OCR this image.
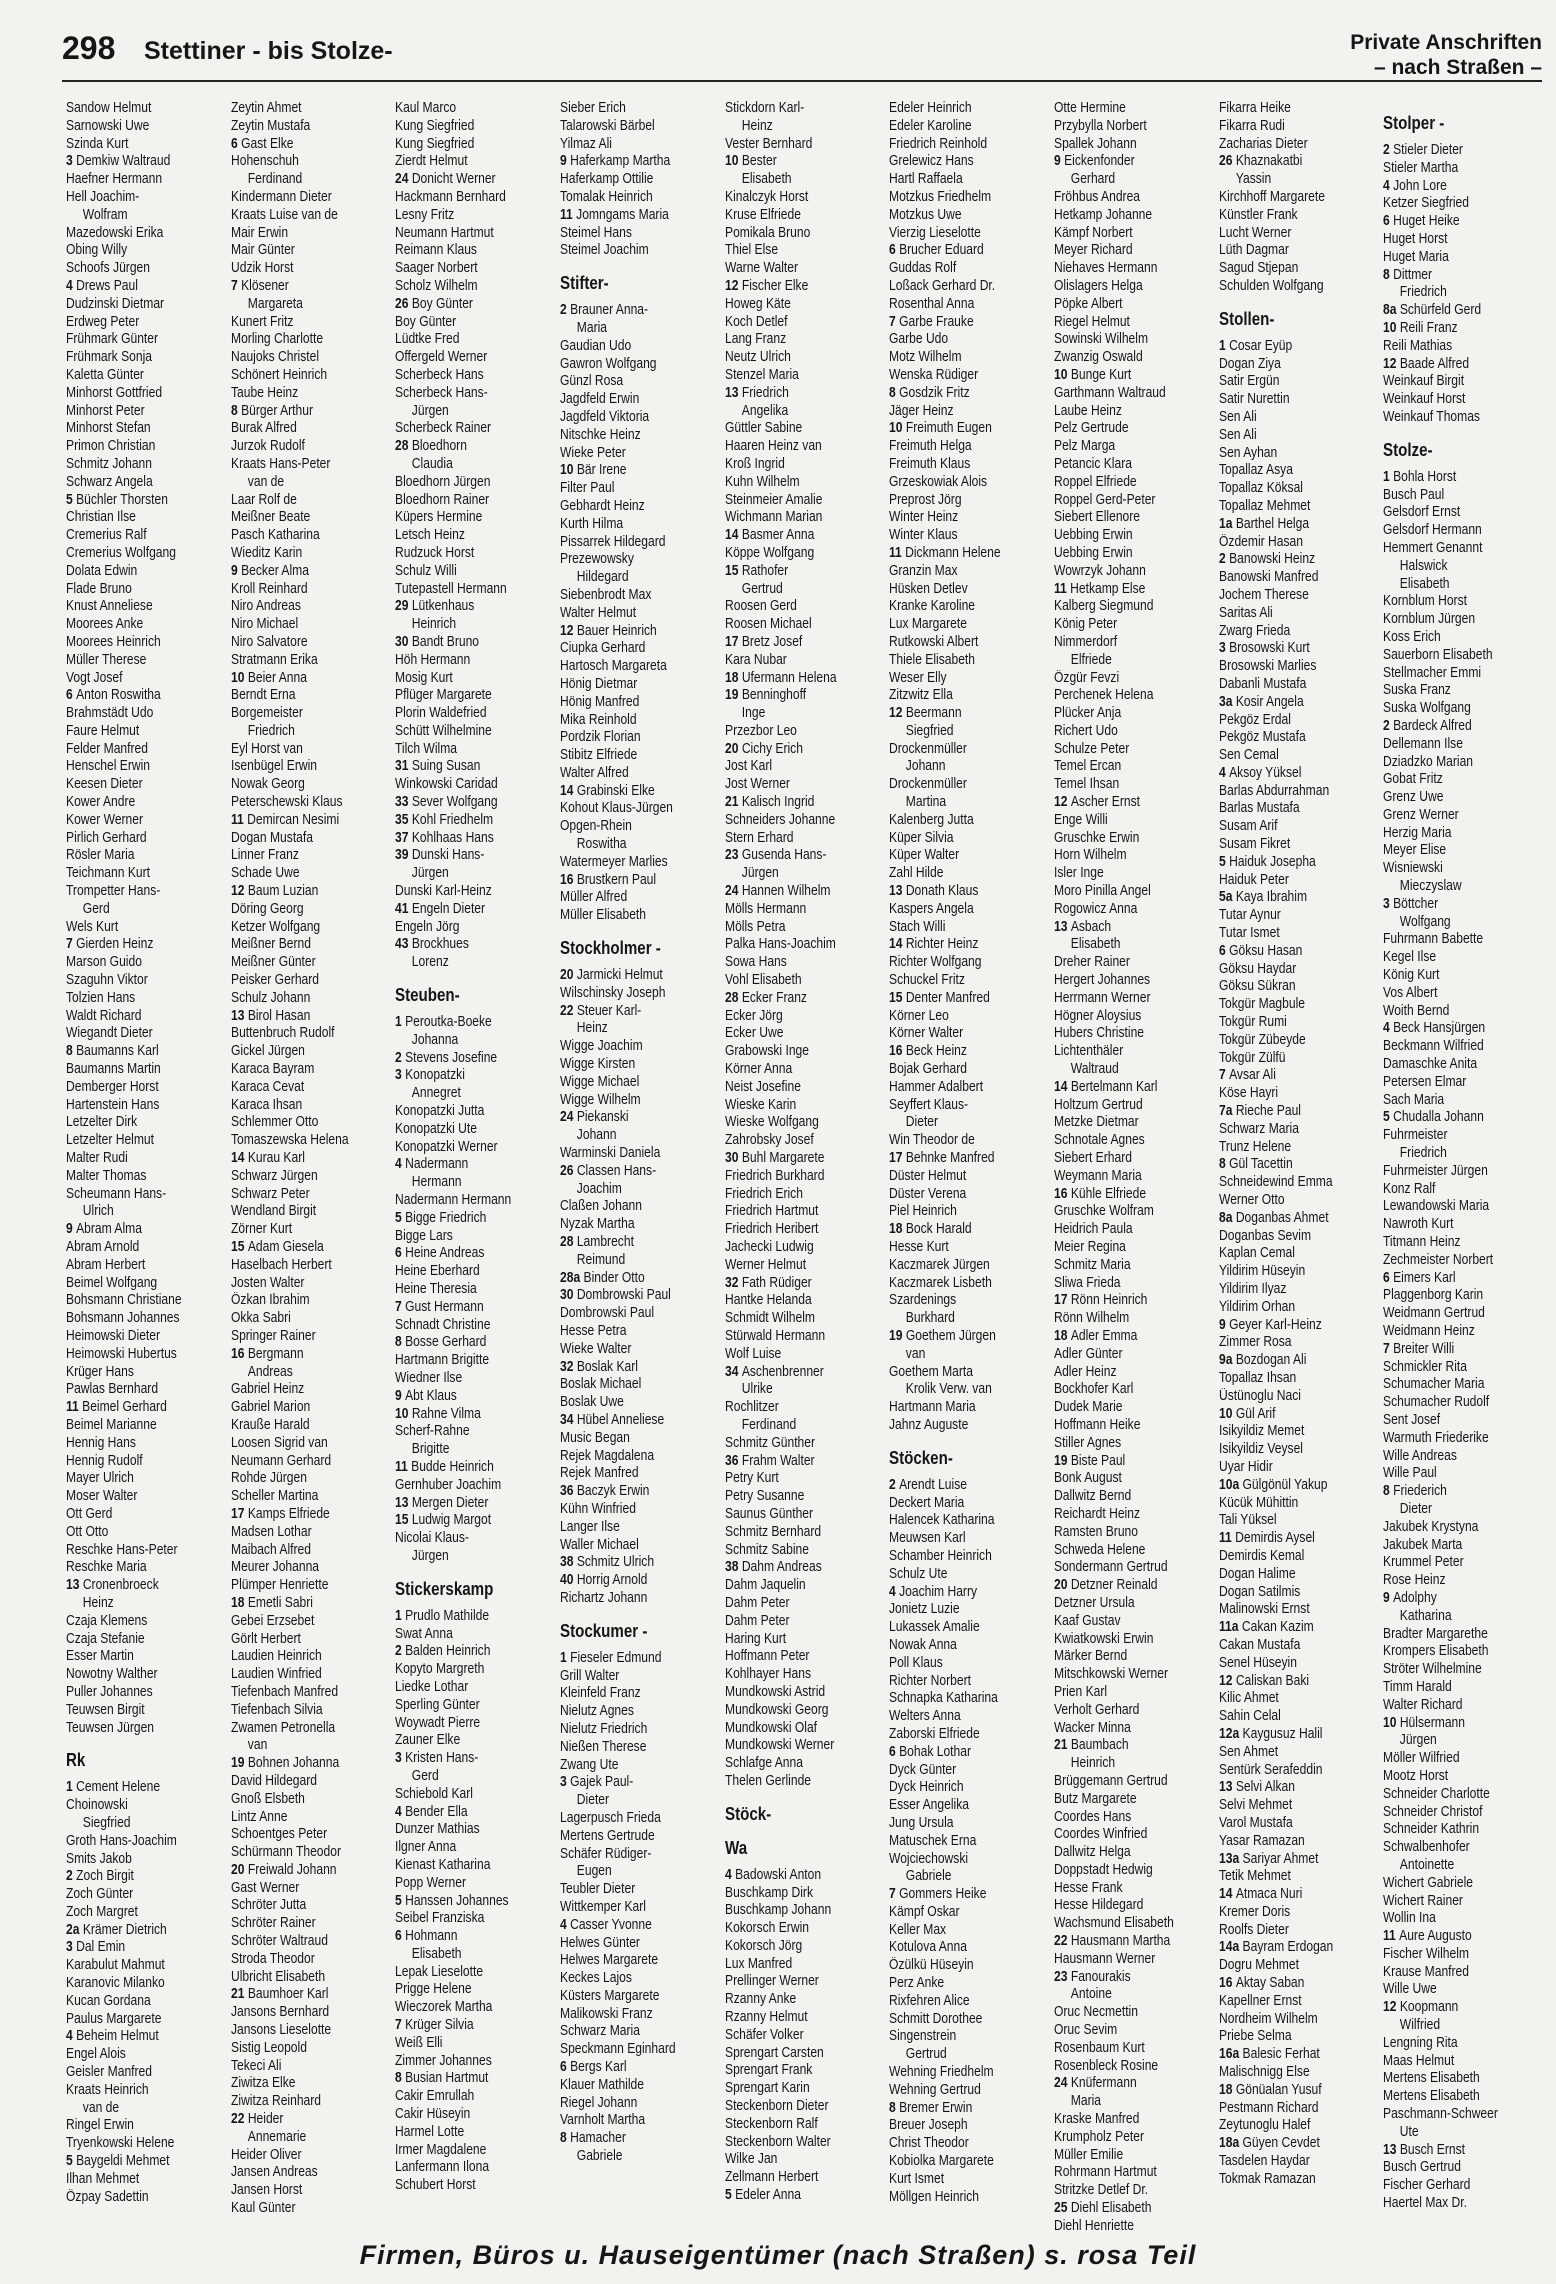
298 Stettiner - bis Stolze-	Private Anschriften
– nach Straßen –
Sandow Helmut
Sarnowski Uwe
Szinda Kurt
3 Demkiw Waltraud
Haefner Hermann
Hell Joachim-
Wolfram
Mazedowski Erika
Obing Willy
Schoofs Jürgen
4 Drews Paul
Dudzinski Dietmar
Erdweg Peter
Frühmark Günter
Frühmark Sonja
Kaletta Günter
Minhorst Gottfried
Minhorst Peter
Minhorst Stefan
Primon Christian
Schmitz Johann
Schwarz Angela
5 Büchler Thorsten
Christian Ilse
Cremerius Ralf
Cremerius Wolfgang
Dolata Edwin
Flade Bruno
Knust Anneliese
Moorees Anke
Moorees Heinrich
Müller Therese
Vogt Josef
6 Anton Roswitha
Brahmstädt Udo
Faure Helmut
Felder Manfred
Henschel Erwin
Keesen Dieter
Kower Andre
Kower Werner
Pirlich Gerhard
Rösler Maria
Teichmann Kurt
Trompetter Hans-
Gerd
Wels Kurt
7 Gierden Heinz
Marson Guido
Szaguhn Viktor
Tolzien Hans
Waldt Richard
Wiegandt Dieter
8 Baumanns Karl
Baumanns Martin
Demberger Horst
Hartenstein Hans
Letzelter Dirk
Letzelter Helmut
Malter Rudi
Malter Thomas
Scheumann Hans-
Ulrich
9 Abram Alma
Abram Arnold
Abram Herbert
Beimel Wolfgang
Bohsmann Christiane
Bohsmann Johannes
Heimowski Dieter
Heimowski Hubertus
Krüger Hans
Pawlas Bernhard
11 Beimel Gerhard
Beimel Marianne
Hennig Hans
Hennig Rudolf
Mayer Ulrich
Moser Walter
Ott Gerd
Ott Otto
Reschke Hans-Peter
Reschke Maria
13 Cronenbroeck
Heinz
Czaja Klemens
Czaja Stefanie
Esser Martin
Nowotny Walther
Puller Johannes
Teuwsen Birgit
Teuwsen Jürgen
Rk
1 Cement Helene
Choinowski
Siegfried
Groth Hans-Joachim
Smits Jakob
2 Zoch Birgit
Zoch Günter
Zoch Margret
2a Krämer Dietrich
3 Dal Emin
Karabulut Mahmut
Karanovic Milanko
Kucan Gordana
Paulus Margarete
4 Beheim Helmut
Engel Alois
Geisler Manfred
Kraats Heinrich
van de
Ringel Erwin
Tryenkowski Helene
5 Baygeldi Mehmet
Ilhan Mehmet
Özpay Sadettin
Zeytin Ahmet
Zeytin Mustafa
6 Gast Elke
Hohenschuh
Ferdinand
Kindermann Dieter
Kraats Luise van de
Mair Erwin
Mair Günter
Udzik Horst
7 Klösener
Margareta
Kunert Fritz
Morling Charlotte
Naujoks Christel
Schönert Heinrich
Taube Heinz
8 Bürger Arthur
Burak Alfred
Jurzok Rudolf
Kraats Hans-Peter
van de
Laar Rolf de
Meißner Beate
Pasch Katharina
Wieditz Karin
9 Becker Alma
Kroll Reinhard
Niro Andreas
Niro Michael
Niro Salvatore
Stratmann Erika
10 Beier Anna
Berndt Erna
Borgemeister
Friedrich
Eyl Horst van
Isenbügel Erwin
Nowak Georg
Peterschewski Klaus
11 Demircan Nesimi
Dogan Mustafa
Linner Franz
Schade Uwe
12 Baum Luzian
Döring Georg
Ketzer Wolfgang
Meißner Bernd
Meißner Günter
Peisker Gerhard
Schulz Johann
13 Birol Hasan
Buttenbruch Rudolf
Gickel Jürgen
Karaca Bayram
Karaca Cevat
Karaca Ihsan
Schlemmer Otto
Tomaszewska Helena
14 Kurau Karl
Schwarz Jürgen
Schwarz Peter
Wendland Birgit
Zörner Kurt
15 Adam Giesela
Haselbach Herbert
Josten Walter
Özkan Ibrahim
Okka Sabri
Springer Rainer
16 Bergmann
Andreas
Gabriel Heinz
Gabriel Marion
Krauße Harald
Loosen Sigrid van
Neumann Gerhard
Rohde Jürgen
Scheller Martina
17 Kamps Elfriede
Madsen Lothar
Maibach Alfred
Meurer Johanna
Plümper Henriette
18 Emetli Sabri
Gebei Erzsebet
Görlt Herbert
Laudien Heinrich
Laudien Winfried
Tiefenbach Manfred
Tiefenbach Silvia
Zwamen Petronella
van
19 Bohnen Johanna
David Hildegard
Gnoß Elsbeth
Lintz Anne
Schoentges Peter
Schürmann Theodor
20 Freiwald Johann
Gast Werner
Schröter Jutta
Schröter Rainer
Schröter Waltraud
Stroda Theodor
Ulbricht Elisabeth
21 Baumhoer Karl
Jansons Bernhard
Jansons Lieselotte
Sistig Leopold
Tekeci Ali
Ziwitza Elke
Ziwitza Reinhard
22 Heider
Annemarie
Heider Oliver
Jansen Andreas
Jansen Horst
Kaul Günter
Kaul Marco
Kung Siegfried
Kung Siegfried
Zierdt Helmut
24 Donicht Werner
Hackmann Bernhard
Lesny Fritz
Neumann Hartmut
Reimann Klaus
Saager Norbert
Scholz Wilhelm
26 Boy Günter
Boy Günter
Lüdtke Fred
Offergeld Werner
Scherbeck Hans
Scherbeck Hans-
Jürgen
Scherbeck Rainer
28 Bloedhorn
Claudia
Bloedhorn Jürgen
Bloedhorn Rainer
Küpers Hermine
Letsch Heinz
Rudzuck Horst
Schulz Willi
Tutepastell Hermann
29 Lütkenhaus
Heinrich
30 Bandt Bruno
Höh Hermann
Mosig Kurt
Pflüger Margarete
Plorin Waldefried
Schütt Wilhelmine
Tilch Wilma
31 Suing Susan
Winkowski Caridad
33 Sever Wolfgang
35 Kohl Friedhelm
37 Kohlhaas Hans
39 Dunski Hans-
Jürgen
Dunski Karl-Heinz
41 Engeln Dieter
Engeln Jörg
43 Brockhues
Lorenz
Steuben-
1 Peroutka-Boeke
Johanna
2 Stevens Josefine
3 Konopatzki
Annegret
Konopatzki Jutta
Konopatzki Ute
Konopatzki Werner
4 Nadermann
Hermann
Nadermann Hermann
5 Bigge Friedrich
Bigge Lars
6 Heine Andreas
Heine Eberhard
Heine Theresia
7 Gust Hermann
Schnadt Christine
8 Bosse Gerhard
Hartmann Brigitte
Wiedner Ilse
9 Abt Klaus
10 Rahne Vilma
Scherf-Rahne
Brigitte
11 Budde Heinrich
Gernhuber Joachim
13 Mergen Dieter
15 Ludwig Margot
Nicolai Klaus-
Jürgen
Stickerskamp
1 Prudlo Mathilde
Swat Anna
2 Balden Heinrich
Kopyto Margreth
Liedke Lothar
Sperling Günter
Woywadt Pierre
Zauner Elke
3 Kristen Hans-
Gerd
Schiebold Karl
4 Bender Ella
Dunzer Mathias
Ilgner Anna
Kienast Katharina
Popp Werner
5 Hanssen Johannes
Seibel Franziska
6 Hohmann
Elisabeth
Lepak Lieselotte
Prigge Helene
Wieczorek Martha
7 Krüger Silvia
Weiß Elli
Zimmer Johannes
8 Busian Hartmut
Cakir Emrullah
Cakir Hüseyin
Harmel Lotte
Irmer Magdalene
Lanfermann Ilona
Schubert Horst
Sieber Erich
Talarowski Bärbel
Yilmaz Ali
9 Haferkamp Martha
Haferkamp Ottilie
Tomalak Heinrich
11 Jomngams Maria
Steimel Hans
Steimel Joachim
Stifter-
2 Brauner Anna-
Maria
Gaudian Udo
Gawron Wolfgang
Günzl Rosa
Jagdfeld Erwin
Jagdfeld Viktoria
Nitschke Heinz
Wieke Peter
10 Bär Irene
Filter Paul
Gebhardt Heinz
Kurth Hilma
Pissarrek Hildegard
Prezewowsky
Hildegard
Siebenbrodt Max
Walter Helmut
12 Bauer Heinrich
Ciupka Gerhard
Hartosch Margareta
Hönig Dietmar
Hönig Manfred
Mika Reinhold
Pordzik Florian
Stibitz Elfriede
Walter Alfred
14 Grabinski Elke
Kohout Klaus-Jürgen
Opgen-Rhein
Roswitha
Watermeyer Marlies
16 Brustkern Paul
Müller Alfred
Müller Elisabeth
Stockholmer -
20 Jarmicki Helmut
Wilschinsky Joseph
22 Steuer Karl-
Heinz
Wigge Joachim
Wigge Kirsten
Wigge Michael
Wigge Wilhelm
24 Piekanski
Johann
Warminski Daniela
26 Classen Hans-
Joachim
Claßen Johann
Nyzak Martha
28 Lambrecht
Reimund
28a Binder Otto
30 Dombrowski Paul
Dombrowski Paul
Hesse Petra
Wieke Walter
32 Boslak Karl
Boslak Michael
Boslak Uwe
34 Hübel Anneliese
Music Began
Rejek Magdalena
Rejek Manfred
36 Baczyk Erwin
Kühn Winfried
Langer Ilse
Waller Michael
38 Schmitz Ulrich
40 Horrig Arnold
Richartz Johann
Stockumer -
1 Fieseler Edmund
Grill Walter
Kleinfeld Franz
Nielutz Agnes
Nielutz Friedrich
Nießen Therese
Zwang Ute
3 Gajek Paul-
Dieter
Lagerpusch Frieda
Mertens Gertrude
Schäfer Rüdiger-
Eugen
Teubler Dieter
Wittkemper Karl
4 Casser Yvonne
Helwes Günter
Helwes Margarete
Keckes Lajos
Küsters Margarete
Malikowski Franz
Schwarz Maria
Speckmann Eginhard
6 Bergs Karl
Klauer Mathilde
Riegel Johann
Varnholt Martha
8 Hamacher
Gabriele
Stickdorn Karl-
Heinz
Vester Bernhard
10 Bester
Elisabeth
Kinalczyk Horst
Kruse Elfriede
Pomikala Bruno
Thiel Else
Warne Walter
12 Fischer Elke
Howeg Käte
Koch Detlef
Lang Franz
Neutz Ulrich
Stenzel Maria
13 Friedrich
Angelika
Güttler Sabine
Haaren Heinz van
Kroß Ingrid
Kuhn Wilhelm
Steinmeier Amalie
Wichmann Marian
14 Basmer Anna
Köppe Wolfgang
15 Rathofer
Gertrud
Roosen Gerd
Roosen Michael
17 Bretz Josef
Kara Nubar
18 Ufermann Helena
19 Benninghoff
Inge
Przezbor Leo
20 Cichy Erich
Jost Karl
Jost Werner
21 Kalisch Ingrid
Schneiders Johanne
Stern Erhard
23 Gusenda Hans-
Jürgen
24 Hannen Wilhelm
Mölls Hermann
Mölls Petra
Palka Hans-Joachim
Sowa Hans
Vohl Elisabeth
28 Ecker Franz
Ecker Jörg
Ecker Uwe
Grabowski Inge
Körner Anna
Neist Josefine
Wieske Karin
Wieske Wolfgang
Zahrobsky Josef
30 Buhl Margarete
Friedrich Burkhard
Friedrich Erich
Friedrich Hartmut
Friedrich Heribert
Jachecki Ludwig
Werner Helmut
32 Fath Rüdiger
Hantke Helanda
Schmidt Wilhelm
Stürwald Hermann
Wolf Luise
34 Aschenbrenner
Ulrike
Rochlitzer
Ferdinand
Schmitz Günther
36 Frahm Walter
Petry Kurt
Petry Susanne
Saunus Günther
Schmitz Bernhard
Schmitz Sabine
38 Dahm Andreas
Dahm Jaquelin
Dahm Peter
Dahm Peter
Haring Kurt
Hoffmann Peter
Kohlhayer Hans
Mundkowski Astrid
Mundkowski Georg
Mundkowski Olaf
Mundkowski Werner
Schlafge Anna
Thelen Gerlinde
Stöck-
Wa
4 Badowski Anton
Buschkamp Dirk
Buschkamp Johann
Kokorsch Erwin
Kokorsch Jörg
Lux Manfred
Prellinger Werner
Rzanny Anke
Rzanny Helmut
Schäfer Volker
Sprengart Carsten
Sprengart Frank
Sprengart Karin
Steckenborn Dieter
Steckenborn Ralf
Steckenborn Walter
Wilke Jan
Zellmann Herbert
5 Edeler Anna
Edeler Heinrich
Edeler Karoline
Friedrich Reinhold
Grelewicz Hans
Hartl Raffaela
Motzkus Friedhelm
Motzkus Uwe
Vierzig Lieselotte
6 Brucher Eduard
Guddas Rolf
Loßack Gerhard Dr.
Rosenthal Anna
7 Garbe Frauke
Garbe Udo
Motz Wilhelm
Wenska Rüdiger
8 Gosdzik Fritz
Jäger Heinz
10 Freimuth Eugen
Freimuth Helga
Freimuth Klaus
Grzeskowiak Alois
Preprost Jörg
Winter Heinz
Winter Klaus
11 Dickmann Helene
Granzin Max
Hüsken Detlev
Kranke Karoline
Lux Margarete
Rutkowski Albert
Thiele Elisabeth
Weser Elly
Zitzwitz Ella
12 Beermann
Siegfried
Drockenmüller
Johann
Drockenmüller
Martina
Kalenberg Jutta
Küper Silvia
Küper Walter
Zahl Hilde
13 Donath Klaus
Kaspers Angela
Stach Willi
14 Richter Heinz
Richter Wolfgang
Schuckel Fritz
15 Denter Manfred
Körner Leo
Körner Walter
16 Beck Heinz
Bojak Gerhard
Hammer Adalbert
Seyffert Klaus-
Dieter
Win Theodor de
17 Behnke Manfred
Düster Helmut
Düster Verena
Piel Heinrich
18 Bock Harald
Hesse Kurt
Kaczmarek Jürgen
Kaczmarek Lisbeth
Szardenings
Burkhard
19 Goethem Jürgen
van
Goethem Marta
Krolik Verw. van
Hartmann Maria
Jahnz Auguste
Stöcken-
2 Arendt Luise
Deckert Maria
Halencek Katharina
Meuwsen Karl
Schamber Heinrich
Schulz Ute
4 Joachim Harry
Jonietz Luzie
Lukassek Amalie
Nowak Anna
Poll Klaus
Richter Norbert
Schnapka Katharina
Welters Anna
Zaborski Elfriede
6 Bohak Lothar
Dyck Günter
Dyck Heinrich
Esser Angelika
Jung Ursula
Matuschek Erna
Wojciechowski
Gabriele
7 Gommers Heike
Kämpf Oskar
Keller Max
Kotulova Anna
Özülkü Hüseyin
Perz Anke
Rixfehren Alice
Schmitt Dorothee
Singenstrein
Gertrud
Wehning Friedhelm
Wehning Gertrud
8 Bremer Erwin
Breuer Joseph
Christ Theodor
Kobiolka Margarete
Kurt Ismet
Möllgen Heinrich
Otte Hermine
Przybylla Norbert
Spallek Johann
9 Eickenfonder
Gerhard
Fröhbus Andrea
Hetkamp Johanne
Kämpf Norbert
Meyer Richard
Niehaves Hermann
Olislagers Helga
Pöpke Albert
Riegel Helmut
Sowinski Wilhelm
Zwanzig Oswald
10 Bunge Kurt
Garthmann Waltraud
Laube Heinz
Pelz Gertrude
Pelz Marga
Petancic Klara
Roppel Elfriede
Roppel Gerd-Peter
Siebert Ellenore
Uebbing Erwin
Uebbing Erwin
Wowrzyk Johann
11 Hetkamp Else
Kalberg Siegmund
König Peter
Nimmerdorf
Elfriede
Özgür Fevzi
Perchenek Helena
Plücker Anja
Richert Udo
Schulze Peter
Temel Ercan
Temel Ihsan
12 Ascher Ernst
Enge Willi
Gruschke Erwin
Horn Wilhelm
Isler Inge
Moro Pinilla Angel
Rogowicz Anna
13 Asbach
Elisabeth
Dreher Rainer
Hergert Johannes
Herrmann Werner
Högner Aloysius
Hubers Christine
Lichtenthäler
Waltraud
14 Bertelmann Karl
Holtzum Gertrud
Metzke Dietmar
Schnotale Agnes
Siebert Erhard
Weymann Maria
16 Kühle Elfriede
Gruschke Wolfram
Heidrich Paula
Meier Regina
Schmitz Maria
Sliwa Frieda
17 Rönn Heinrich
Rönn Wilhelm
18 Adler Emma
Adler Günter
Adler Heinz
Bockhofer Karl
Dudek Marie
Hoffmann Heike
Stiller Agnes
19 Biste Paul
Bonk August
Dallwitz Bernd
Reichardt Heinz
Ramsten Bruno
Schweda Helene
Sondermann Gertrud
20 Detzner Reinald
Detzner Ursula
Kaaf Gustav
Kwiatkowski Erwin
Märker Bernd
Mitschkowski Werner
Prien Karl
Verholt Gerhard
Wacker Minna
21 Baumbach
Heinrich
Brüggemann Gertrud
Butz Margarete
Coordes Hans
Coordes Winfried
Dallwitz Helga
Doppstadt Hedwig
Hesse Frank
Hesse Hildegard
Wachsmund Elisabeth
22 Hausmann Martha
Hausmann Werner
23 Fanourakis
Antoine
Oruc Necmettin
Oruc Sevim
Rosenbaum Kurt
Rosenbleck Rosine
24 Knüfermann
Maria
Kraske Manfred
Krumpholz Peter
Müller Emilie
Rohrmann Hartmut
Stritzke Detlef Dr.
25 Diehl Elisabeth
Diehl Henriette
Fikarra Heike
Fikarra Rudi
Zacharias Dieter
26 Khaznakatbi
Yassin
Kirchhoff Margarete
Künstler Frank
Lucht Werner
Lüth Dagmar
Sagud Stjepan
Schulden Wolfgang
Stollen-
1 Cosar Eyüp
Dogan Ziya
Satir Ergün
Satir Nurettin
Sen Ali
Sen Ali
Sen Ayhan
Topallaz Asya
Topallaz Köksal
Topallaz Mehmet
1a Barthel Helga
Özdemir Hasan
2 Banowski Heinz
Banowski Manfred
Jochem Therese
Saritas Ali
Zwarg Frieda
3 Brosowski Kurt
Brosowski Marlies
Dabanli Mustafa
3a Kosir Angela
Pekgöz Erdal
Pekgöz Mustafa
Sen Cemal
4 Aksoy Yüksel
Barlas Abdurrahman
Barlas Mustafa
Susam Arif
Susam Fikret
5 Haiduk Josepha
Haiduk Peter
5a Kaya Ibrahim
Tutar Aynur
Tutar Ismet
6 Göksu Hasan
Göksu Haydar
Göksu Sükran
Tokgür Magbule
Tokgür Rumi
Tokgür Zübeyde
Tokgür Zülfü
7 Avsar Ali
Köse Hayri
7a Rieche Paul
Schwarz Maria
Trunz Helene
8 Gül Tacettin
Schneidewind Emma
Werner Otto
8a Doganbas Ahmet
Doganbas Sevim
Kaplan Cemal
Yildirim Hüseyin
Yildirim Ilyaz
Yildirim Orhan
9 Geyer Karl-Heinz
Zimmer Rosa
9a Bozdogan Ali
Topallaz Ihsan
Üstünoglu Naci
10 Gül Arif
Isikyildiz Memet
Isikyildiz Veysel
Uyar Hidir
10a Gülgönül Yakup
Kücük Mühittin
Tali Yüksel
11 Demirdis Aysel
Demirdis Kemal
Dogan Halime
Dogan Satilmis
Malinowski Ernst
11a Cakan Kazim
Cakan Mustafa
Senel Hüseyin
12 Caliskan Baki
Kilic Ahmet
Sahin Celal
12a Kaygusuz Halil
Sen Ahmet
Sentürk Serafeddin
13 Selvi Alkan
Selvi Mehmet
Varol Mustafa
Yasar Ramazan
13a Sariyar Ahmet
Tetik Mehmet
14 Atmaca Nuri
Kremer Doris
Roolfs Dieter
14a Bayram Erdogan
Dogru Mehmet
16 Aktay Saban
Kapellner Ernst
Nordheim Wilhelm
Priebe Selma
16a Balesic Ferhat
Malischnigg Else
18 Gönüalan Yusuf
Pestmann Richard
Zeytunoglu Halef
18a Güyen Cevdet
Tasdelen Haydar
Tokmak Ramazan
Stolper -
2 Stieler Dieter
Stieler Martha
4 John Lore
Ketzer Siegfried
6 Huget Heike
Huget Horst
Huget Maria
8 Dittmer
Friedrich
8a Schürfeld Gerd
10 Reili Franz
Reili Mathias
12 Baade Alfred
Weinkauf Birgit
Weinkauf Horst
Weinkauf Thomas
Stolze-
1 Bohla Horst
Busch Paul
Gelsdorf Ernst
Gelsdorf Hermann
Hemmert Genannt
Halswick
Elisabeth
Kornblum Horst
Kornblum Jürgen
Koss Erich
Sauerborn Elisabeth
Stellmacher Emmi
Suska Franz
Suska Wolfgang
2 Bardeck Alfred
Dellemann Ilse
Dziadzko Marian
Gobat Fritz
Grenz Uwe
Grenz Werner
Herzig Maria
Meyer Elise
Wisniewski
Mieczyslaw
3 Böttcher
Wolfgang
Fuhrmann Babette
Kegel Ilse
König Kurt
Vos Albert
Woith Bernd
4 Beck Hansjürgen
Beckmann Wilfried
Damaschke Anita
Petersen Elmar
Sach Maria
5 Chudalla Johann
Fuhrmeister
Friedrich
Fuhrmeister Jürgen
Konz Ralf
Lewandowski Maria
Nawroth Kurt
Titmann Heinz
Zechmeister Norbert
6 Eimers Karl
Plaggenborg Karin
Weidmann Gertrud
Weidmann Heinz
7 Breiter Willi
Schmickler Rita
Schumacher Maria
Schumacher Rudolf
Sent Josef
Warmuth Friederike
Wille Andreas
Wille Paul
8 Friederich
Dieter
Jakubek Krystyna
Jakubek Marta
Krummel Peter
Rose Heinz
9 Adolphy
Katharina
Bradter Margarethe
Krompers Elisabeth
Ströter Wilhelmine
Timm Harald
Walter Richard
10 Hülsermann
Jürgen
Möller Wilfried
Mootz Horst
Schneider Charlotte
Schneider Christof
Schneider Kathrin
Schwalbenhofer
Antoinette
Wichert Gabriele
Wichert Rainer
Wollin Ina
11 Aure Augusto
Fischer Wilhelm
Krause Manfred
Wille Uwe
12 Koopmann
Wilfried
Lengning Rita
Maas Helmut
Mertens Elisabeth
Mertens Elisabeth
Paschmann-Schweer
Ute
13 Busch Ernst
Busch Gertrud
Fischer Gerhard
Haertel Max Dr.
Firmen, Büros u. Hauseigentümer (nach Straßen) s. rosa Teil
